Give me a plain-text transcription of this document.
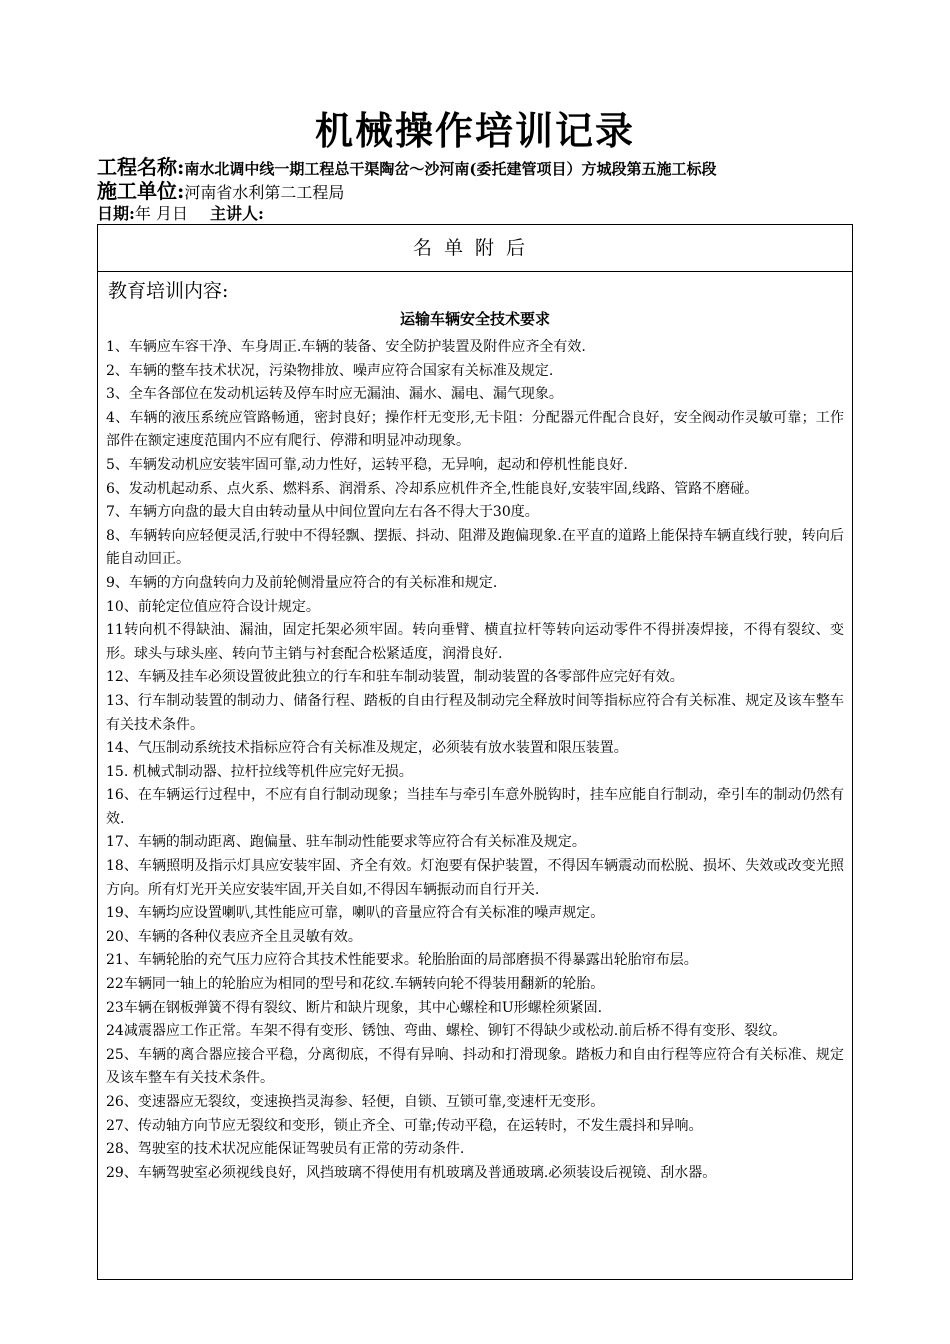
机械操作培训记录
工程名称:南水北调中线一期工程总干渠陶岔～沙河南(委托建管项目）方城段第五施工标段
施工单位:河南省水利第二工程局
日期:年 月日 主讲人:
名单附后
教育培训内容:
运输车辆安全技术要求
1、车辆应车容干净、车身周正.车辆的装备、安全防护装置及附件应齐全有效.
2、车辆的整车技术状况，污染物排放、噪声应符合国家有关标准及规定.
3、全车各部位在发动机运转及停车时应无漏油、漏水、漏电、漏气现象。
4、车辆的液压系统应管路畅通，密封良好；操作杆无变形,无卡阻：分配器元件配合良好，安全阀动作灵敏可靠；工作部件在额定速度范围内不应有爬行、停滞和明显冲动现象。
5、车辆发动机应安装牢固可靠,动力性好，运转平稳，无异响，起动和停机性能良好.
6、发动机起动系、点火系、燃料系、润滑系、冷却系应机件齐全,性能良好,安装牢固,线路、管路不磨碰。
7、车辆方向盘的最大自由转动量从中间位置向左右各不得大于30度。
8、车辆转向应轻便灵活,行驶中不得轻飘、摆振、抖动、阻滞及跑偏现象.在平直的道路上能保持车辆直线行驶，转向后能自动回正。
9、车辆的方向盘转向力及前轮侧滑量应符合的有关标准和规定.
10、前轮定位值应符合设计规定。
11转向机不得缺油、漏油，固定托架必须牢固。转向垂臂、横直拉杆等转向运动零件不得拼凑焊接，不得有裂纹、变形。球头与球头座、转向节主销与衬套配合松紧适度，润滑良好.
12、车辆及挂车必须设置彼此独立的行车和驻车制动装置，制动装置的各零部件应完好有效。
13、行车制动装置的制动力、储备行程、踏板的自由行程及制动完全释放时间等指标应符合有关标准、规定及该车整车有关技术条件。
14、气压制动系统技术指标应符合有关标准及规定，必须装有放水装置和限压装置。
15. 机械式制动器、拉杆拉线等机件应完好无损。
16、在车辆运行过程中，不应有自行制动现象；当挂车与牵引车意外脱钩时，挂车应能自行制动，牵引车的制动仍然有效.
17、车辆的制动距离、跑偏量、驻车制动性能要求等应符合有关标准及规定。
18、车辆照明及指示灯具应安装牢固、齐全有效。灯泡要有保护装置，不得因车辆震动而松脱、损坏、失效或改变光照方向。所有灯光开关应安装牢固,开关自如,不得因车辆振动而自行开关.
19、车辆均应设置喇叭,其性能应可靠，喇叭的音量应符合有关标准的噪声规定。
20、车辆的各种仪表应齐全且灵敏有效。
21、车辆轮胎的充气压力应符合其技术性能要求。轮胎胎面的局部磨损不得暴露出轮胎帘布层。
22车辆同一轴上的轮胎应为相同的型号和花纹.车辆转向轮不得装用翻新的轮胎。
23车辆在钢板弹簧不得有裂纹、断片和缺片现象，其中心螺栓和U形螺栓须紧固.
24减震器应工作正常。车架不得有变形、锈蚀、弯曲、螺栓、铆钉不得缺少或松动.前后桥不得有变形、裂纹。
25、车辆的离合器应接合平稳，分离彻底，不得有异响、抖动和打滑现象。踏板力和自由行程等应符合有关标准、规定及该车整车有关技术条件。
26、变速器应无裂纹，变速换挡灵海参、轻便，自锁、互锁可靠,变速杆无变形。
27、传动轴方向节应无裂纹和变形，锁止齐全、可靠;传动平稳，在运转时，不发生震抖和异响。
28、驾驶室的技术状况应能保证驾驶员有正常的劳动条件.
29、车辆驾驶室必须视线良好，风挡玻璃不得使用有机玻璃及普通玻璃.必须装设后视镜、刮水器。
